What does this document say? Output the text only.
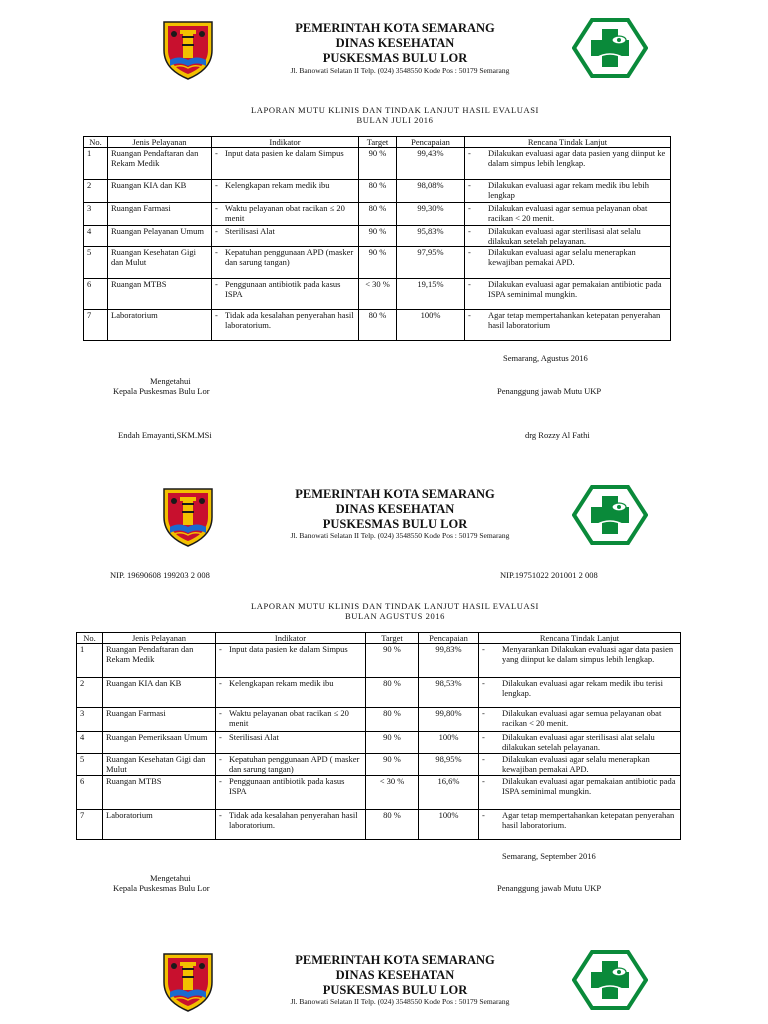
PEMERINTAH KOTA SEMARANG
DINAS KESEHATAN
PUSKESMAS BULU LOR
Jl. Banowati Selatan II Telp. (024) 3548550 Kode Pos : 50179 Semarang
LAPORAN MUTU KLINIS DAN TINDAK LANJUT HASIL EVALUASI
BULAN JULI 2016
No.	Jenis Pelayanan	Indikator	Target	Pencapaian	Rencana Tindak Lanjut
1	Ruangan Pendaftaran dan Rekam Medik	- Input data pasien ke dalam Simpus	90 %	99,43%	- Dilakukan evaluasi agar data pasien yang diinput ke dalam simpus lebih lengkap.

2	Ruangan KIA dan KB	- Kelengkapan rekam medik ibu	80 %	98,08%	- Dilakukan evaluasi agar rekam medik ibu lebih lengkap

3	Ruangan Farmasi	- Waktu pelayanan obat racikan ≤ 20 menit	80 %	99,30%	- Dilakukan evaluasi agar semua pelayanan obat racikan < 20 menit.

4	Ruangan Pelayanan Umum	- Sterilisasi Alat	90 %	95,83%	- Dilakukan evaluasi agar sterilisasi alat selalu dilakukan setelah pelayanan.

5	Ruangan Kesehatan Gigi dan Mulut	- Kepatuhan penggunaan APD (masker dan sarung tangan)	90 %	97,95%	- Dilakukan evaluasi agar selalu menerapkan kewajiban pemakai APD.

6	Ruangan MTBS	- Penggunaan antibiotik pada kasus ISPA	< 30 %	19,15%	- Dilakukan evaluasi agar pemakaian antibiotic pada ISPA seminimal mungkin.

7	Laboratorium	- Tidak ada kesalahan penyerahan hasil laboratorium.	80 %	100%	- Agar tetap mempertahankan ketepatan penyerahan hasil laboratorium
Semarang, Agustus 2016
Mengetahui
Kepala Puskesmas Bulu Lor	Penanggung jawab Mutu UKP
Endah Emayanti,SKM.MSi	drg Rozzy Al Fathi
PEMERINTAH KOTA SEMARANG
DINAS KESEHATAN
PUSKESMAS BULU LOR
Jl. Banowati Selatan II Telp. (024) 3548550 Kode Pos : 50179 Semarang
NIP. 19690608 199203 2 008	NIP.19751022 201001 2 008
LAPORAN MUTU KLINIS DAN TINDAK LANJUT HASIL EVALUASI
BULAN AGUSTUS 2016
No.	Jenis Pelayanan	Indikator	Target	Pencapaian	Rencana Tindak Lanjut
1	Ruangan Pendaftaran dan Rekam Medik	- Input data pasien ke dalam Simpus	90 %	99,83%	- Menyarankan Dilakukan evaluasi agar data pasien yang diinput ke dalam simpus lebih lengkap.

2	Ruangan KIA dan KB	- Kelengkapan rekam medik ibu	80 %	98,53%	- Dilakukan evaluasi agar rekam medik ibu terisi lengkap.

3	Ruangan Farmasi	- Waktu pelayanan obat racikan ≤ 20 menit	80 %	99,80%	- Dilakukan evaluasi agar semua pelayanan obat racikan < 20 menit.

4	Ruangan Pemeriksaan Umum	- Sterilisasi Alat	90 %	100%	- Dilakukan evaluasi agar sterilisasi alat selalu dilakukan setelah pelayanan.

5	Ruangan Kesehatan Gigi dan Mulut	- Kepatuhan penggunaan APD ( masker dan sarung tangan)	90 %	98,95%	- Dilakukan evaluasi agar selalu menerapkan kewajiban pemakai APD.

6	Ruangan MTBS	- Penggunaan antibiotik pada kasus ISPA	< 30 %	16,6%	- Dilakukan evaluasi agar pemakaian antibiotic pada ISPA seminimal mungkin.

7	Laboratorium	- Tidak ada kesalahan penyerahan hasil laboratorium.	80 %	100%	- Agar tetap mempertahankan ketepatan penyerahan hasil laboratorium.
Semarang, September 2016
Mengetahui
Kepala Puskesmas Bulu Lor	Penanggung jawab Mutu UKP
PEMERINTAH KOTA SEMARANG
DINAS KESEHATAN
PUSKESMAS BULU LOR
Jl. Banowati Selatan II Telp. (024) 3548550 Kode Pos : 50179 Semarang
